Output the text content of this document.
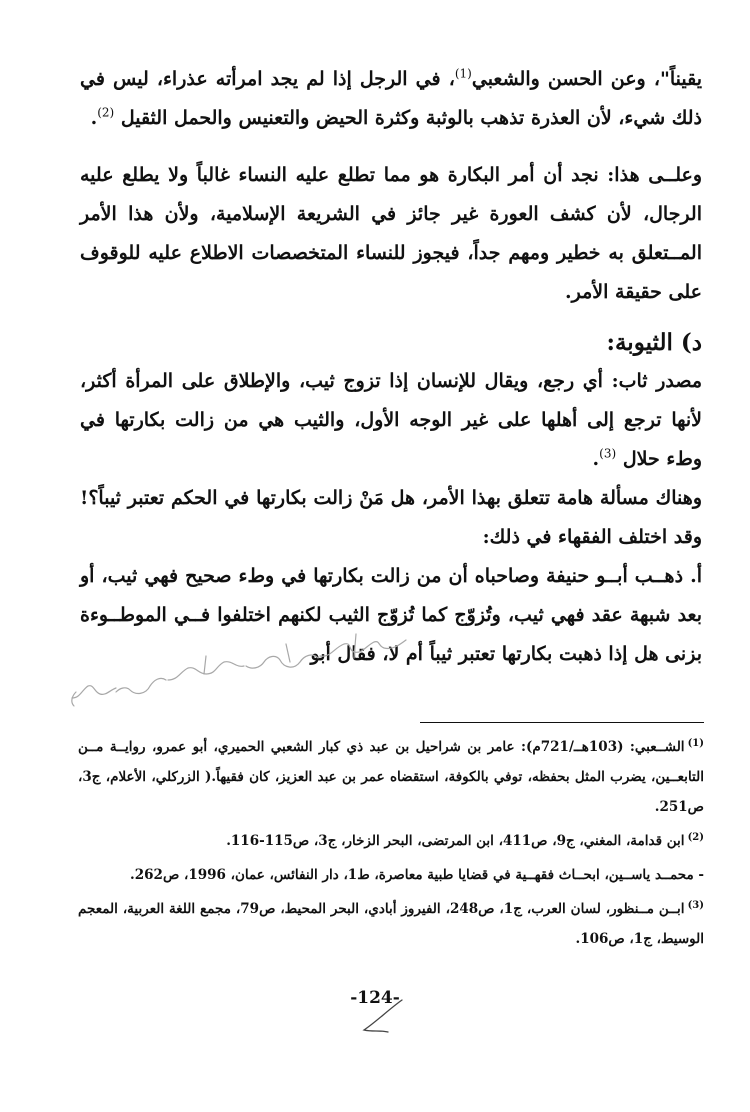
يقيناً"، وعن الحسن والشعبي$^{(1)}$، في الرجل إذا لم يجد امرأته عذراء، ليس في ذلك شيء، لأن العذرة تذهب بالوثبة وكثرة الحيض والتعنيس والحمل الثقيل $^{(2)}$.

وعلــى هذا: نجد أن أمر البكارة هو مما تطلع عليه النساء غالباً ولا يطلع عليه الرجال، لأن كشف العورة غير جائز في الشريعة الإسلامية، ولأن هذا الأمر المــتعلق به خطير ومهم جداً، فيجوز للنساء المتخصصات الاطلاع عليه للوقوف على حقيقة الأمر.

د) الثيوبة:

مصدر ثاب: أي رجع، ويقال للإنسان إذا تزوج ثيب، والإطلاق على المرأة أكثر، لأنها ترجع إلى أهلها على غير الوجه الأول، والثيب هي من زالت بكارتها في وطء حلال $^{(3)}$.

وهناك مسألة هامة تتعلق بهذا الأمر، هل مَنْ زالت بكارتها في الحكم تعتبر ثيباً؟! وقد اختلف الفقهاء في ذلك:

أ. ذهــب أبــو حنيفة وصاحباه أن من زالت بكارتها في وطء صحيح فهي ثيب، أو بعد شبهة عقد فهي ثيب، وتُزوّج كما تُزوّج الثيب لكنهم اختلفوا فــي الموطــوءة بزنى هل إذا ذهبت بكارتها تعتبر ثيباً أم لا، فقال أبو

$^{(1)}$الشــعبي: (103هــ/721م): عامر بن شراحيل بن عبد ذي كبار الشعبي الحميري، أبو عمرو، روايــة مــن التابعــين، يضرب المثل بحفظه، توفي بالكوفة، استقضاه عمر بن عبد العزيز، كان فقيهاً.( الزركلي، الأعلام، ج3، ص251.

$^{(2)}$ابن قدامة، المغني، ج9، ص411، ابن المرتضى، البحر الزخار، ج3، ص115-116.

- محمــد ياســين، ابحــاث فقهــية في قضايا طبية معاصرة، ط1، دار النفائس، عمان، 1996، ص262.

$^{(3)}$ابــن مــنظور، لسان العرب، ج1، ص248، الفيروز أبادي، البحر المحيط، ص79، مجمع اللغة العربية، المعجم الوسيط، ج1، ص106.

-124-
